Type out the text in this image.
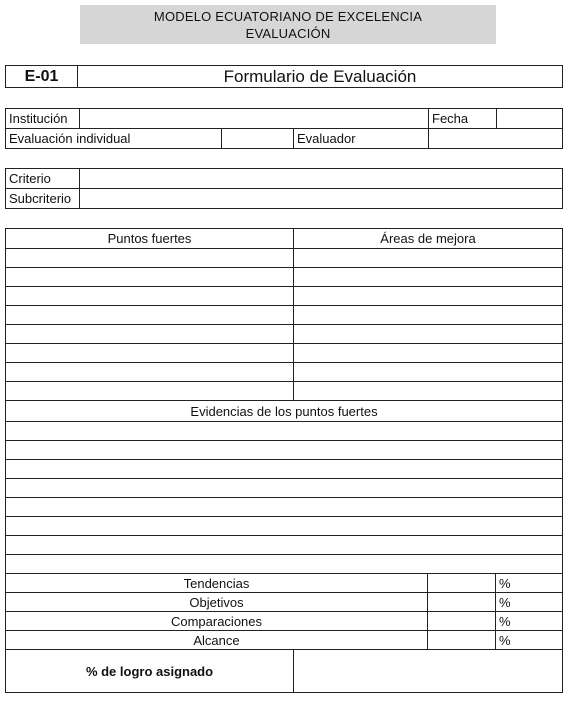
MODELO ECUATORIANO DE EXCELENCIA
EVALUACIÓN
E-01	Formulario de Evaluación
Institución				Fecha	
Evaluación individual			Evaluador		
Criterio	
Subcriterio	
Puntos fuertes	Áreas de mejora		

Evidencias de los puntos fuertes			

Tendencias			%
Objetivos			%
Comparaciones			%
Alcance			%
% de logro asignado			
